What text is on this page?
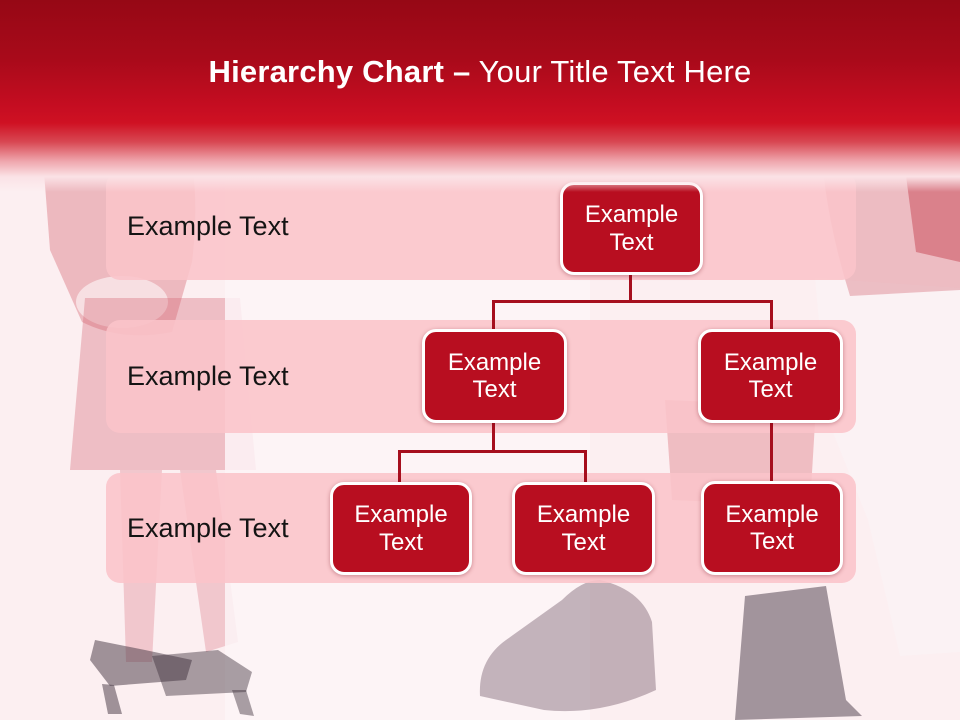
Example Text
Example Text
Example Text
Example Text
Example Text
Example Text
Example Text
Example Text
Example Text
Hierarchy Chart – Your Title Text Here
